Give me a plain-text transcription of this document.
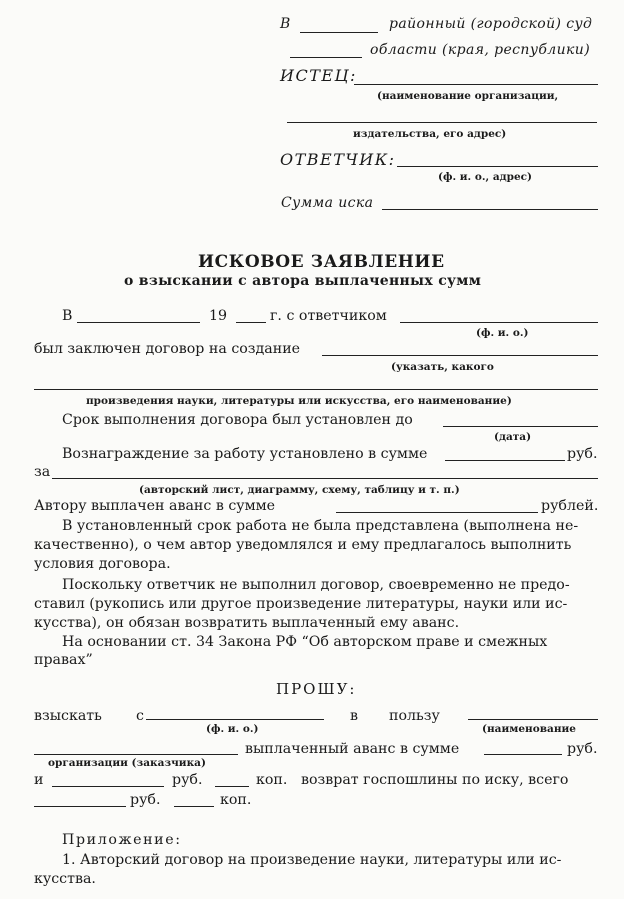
В	районный (городской) суд
области (края, республики)
ИСТЕЦ:
(наименование организации,
издательства, его адрес)
ОТВЕТЧИК:
(ф. и. о., адрес)
Сумма иска
ИСКОВОЕ ЗАЯВЛЕНИЕ
о взыскании с автора выплаченных сумм
В	19	г. с ответчиком
(ф. и. о.)
был заключен договор на создание
(указать, какого
произведения науки, литературы или искусства, его наименование)
Срок выполнения договора был установлен до
(дата)
Вознаграждение за работу установлено в сумме	руб.
за
(авторский лист, диаграмму, схему, таблицу и т. п.)
Автору выплачен аванс в сумме	рублей.
В установленный срок работа не была представлена (выполнена не-
качественно), о чем автор уведомлялся и ему предлагалось выполнить
условия договора.
Поскольку ответчик не выполнил договор, своевременно не предо-
ставил (рукопись или другое произведение литературы, науки или ис-
кусства), он обязан возвратить выплаченный ему аванс.
На основании ст. 34 Закона РФ “Об авторском праве и смежных
правах”
ПРОШУ:
взыскать с	в пользу
(ф. и. о.)	(наименование
выплаченный аванс в сумме	руб.
организации (заказчика)
и	руб.	коп. возврат госпошлины по иску, всего
руб.	коп.
Приложение:
1. Авторский договор на произведение науки, литературы или ис-
кусства.
